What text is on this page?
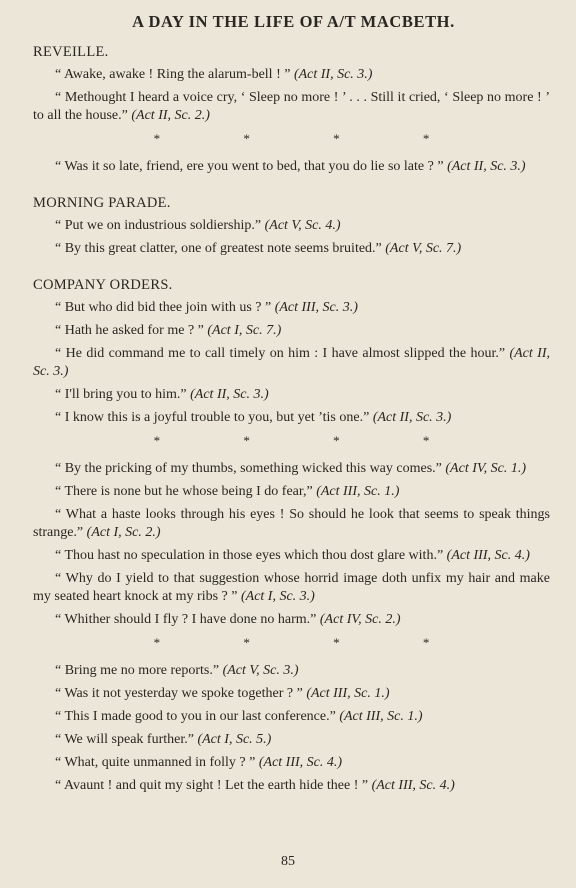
A DAY IN THE LIFE OF A/T MACBETH.
REVEILLE.
“ Awake, awake ! Ring the alarum-bell ! ” (Act II, Sc. 3.)
“ Methought I heard a voice cry, ‘ Sleep no more ! ’ . . . Still it cried, ‘ Sleep no more ! ’ to all the house.” (Act II, Sc. 2.)
* * * *
“ Was it so late, friend, ere you went to bed, that you do lie so late ? ” (Act II, Sc. 3.)
MORNING PARADE.
“ Put we on industrious soldiership.” (Act V, Sc. 4.)
“ By this great clatter, one of greatest note seems bruited.” (Act V, Sc. 7.)
COMPANY ORDERS.
“ But who did bid thee join with us ? ” (Act III, Sc. 3.)
“ Hath he asked for me ? ” (Act I, Sc. 7.)
“ He did command me to call timely on him : I have almost slipped the hour.” (Act II, Sc. 3.)
“ I'll bring you to him.” (Act II, Sc. 3.)
“ I know this is a joyful trouble to you, but yet ’tis one.” (Act II, Sc. 3.)
* * * *
“ By the pricking of my thumbs, something wicked this way comes.” (Act IV, Sc. 1.)
“ There is none but he whose being I do fear,” (Act III, Sc. 1.)
“ What a haste looks through his eyes ! So should he look that seems to speak things strange.” (Act I, Sc. 2.)
“ Thou hast no speculation in those eyes which thou dost glare with.” (Act III, Sc. 4.)
“ Why do I yield to that suggestion whose horrid image doth unfix my hair and make my seated heart knock at my ribs ? ” (Act I, Sc. 3.)
“ Whither should I fly ? I have done no harm.” (Act IV, Sc. 2.)
* * * *
“ Bring me no more reports.” (Act V, Sc. 3.)
“ Was it not yesterday we spoke together ? ” (Act III, Sc. 1.)
“ This I made good to you in our last conference.” (Act III, Sc. 1.)
“ We will speak further.” (Act I, Sc. 5.)
“ What, quite unmanned in folly ? ” (Act III, Sc. 4.)
“ Avaunt ! and quit my sight ! Let the earth hide thee ! ” (Act III, Sc. 4.)
85
